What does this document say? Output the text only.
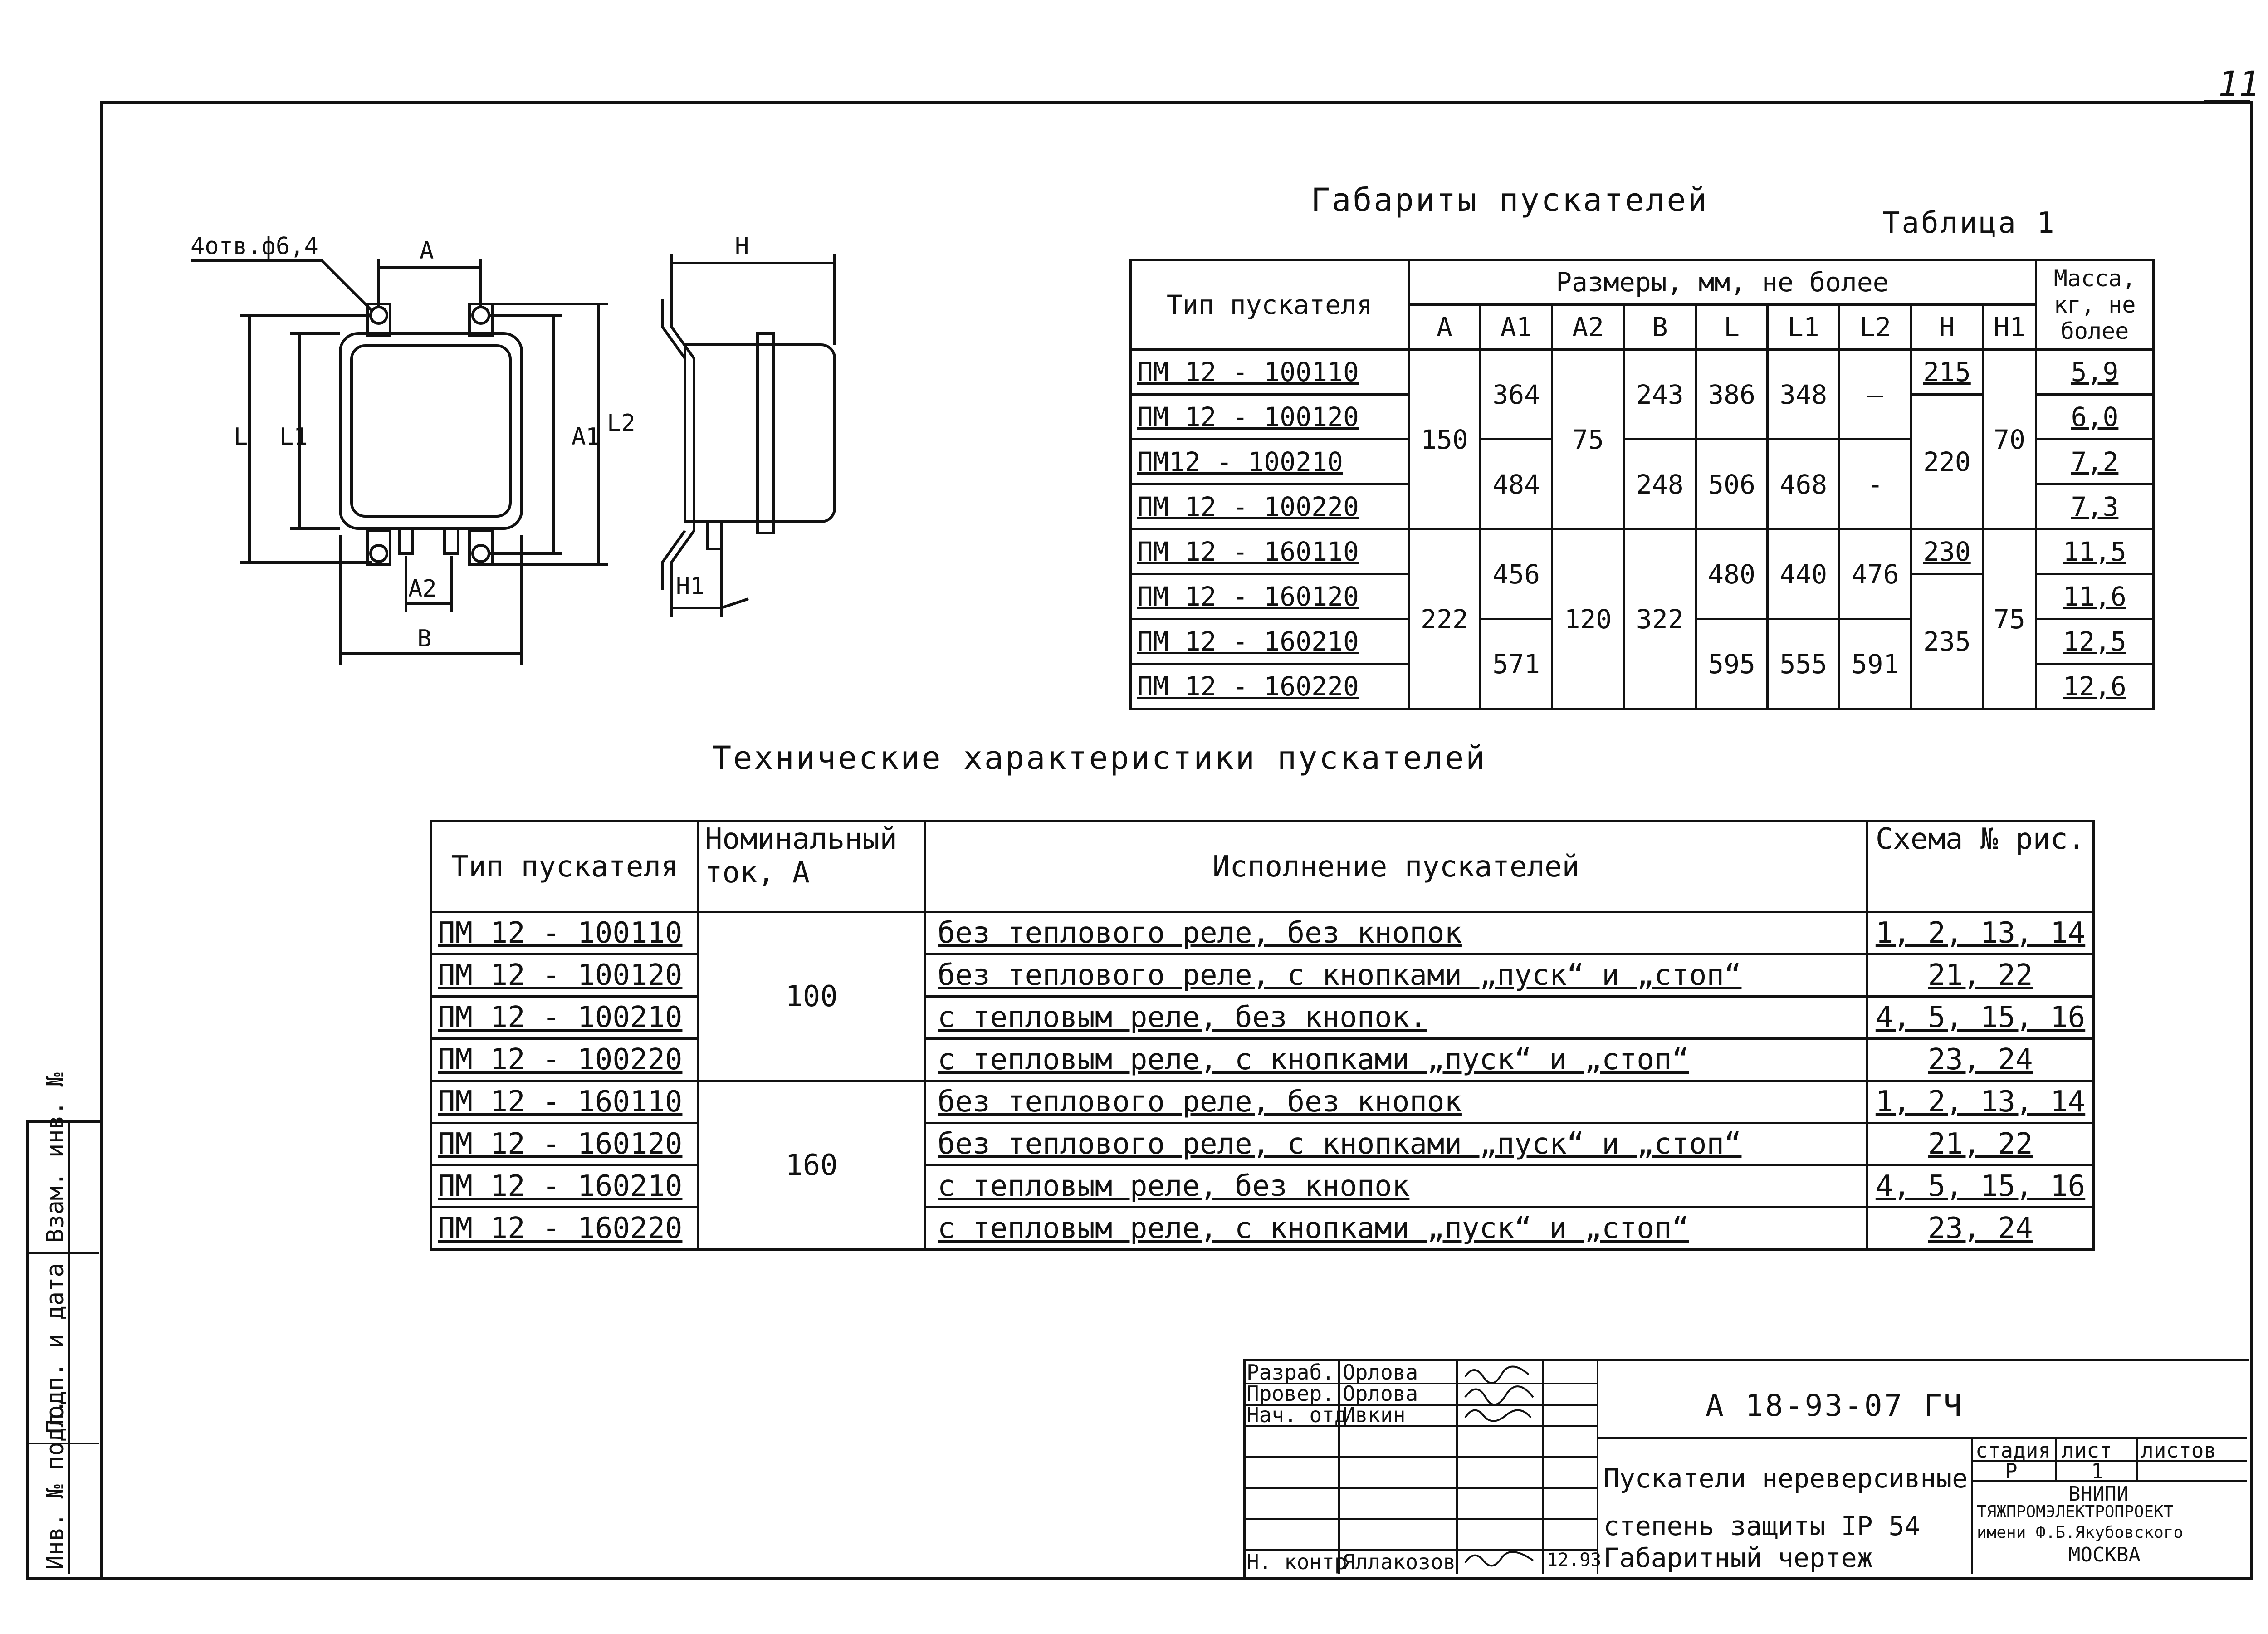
11
Инв. № подл.
Подп. и дата
Взам. инв. №
4отв.ф6,4	А	Н
L L1	А1 L2
А2
В
Н1
Габариты пускателей
Таблица 1
Тип пускателя	Размеры, мм, не более									Масса, кг, не более
	А	А1	А2	В	L	L1	L2	Н	Н1	
ПМ 12 - 100110	150	364	75	243	386	348	—	215	70	5,9
ПМ 12 - 100120								220		6,0
ПМ12 - 100210		484		248	506	468	-			7,2
ПМ 12 - 100220										7,3
ПМ 12 - 160110	222	456	120	322	480	440	476	230	75	11,5
ПМ 12 - 160120								235		11,6
ПМ 12 - 160210		571			595	555	591			12,5
ПМ 12 - 160220										12,6
Технические характеристики пускателей
Тип пускателя	Номинальный ток, А	Исполнение пускателей	Схема № рис.
ПМ 12 - 100110	100	без теплового реле, без кнопок	1, 2, 13, 14
ПМ 12 - 100120		без теплового реле, с кнопками „пуск“ и „стоп“	21, 22
ПМ 12 - 100210		с тепловым реле, без кнопок.	4, 5, 15, 16
ПМ 12 - 100220		с тепловым реле, с кнопками „пуск“ и „стоп“	23, 24
ПМ 12 - 160110	160	без теплового реле, без кнопок	1, 2, 13, 14
ПМ 12 - 160120		без теплового реле, с кнопками „пуск“ и „стоп“	21, 22
ПМ 12 - 160210		с тепловым реле, без кнопок	4, 5, 15, 16
ПМ 12 - 160220		с тепловым реле, с кнопками „пуск“ и „стоп“	23, 24
Разраб.
Провер.
Нач. отд.
Н. контр.
Орлова
Орлова
Ивкин
Яллакозов	12.93
А 18-93-07 ГЧ
Пускатели нереверсивные
степень защиты IP 54
Габаритный чертеж
стадия лист листов
Р	1
ВНИПИ
ТЯЖПРОМЭЛЕКТРОПРОЕКТ
имени Ф.Б.Якубовского
МОСКВА
